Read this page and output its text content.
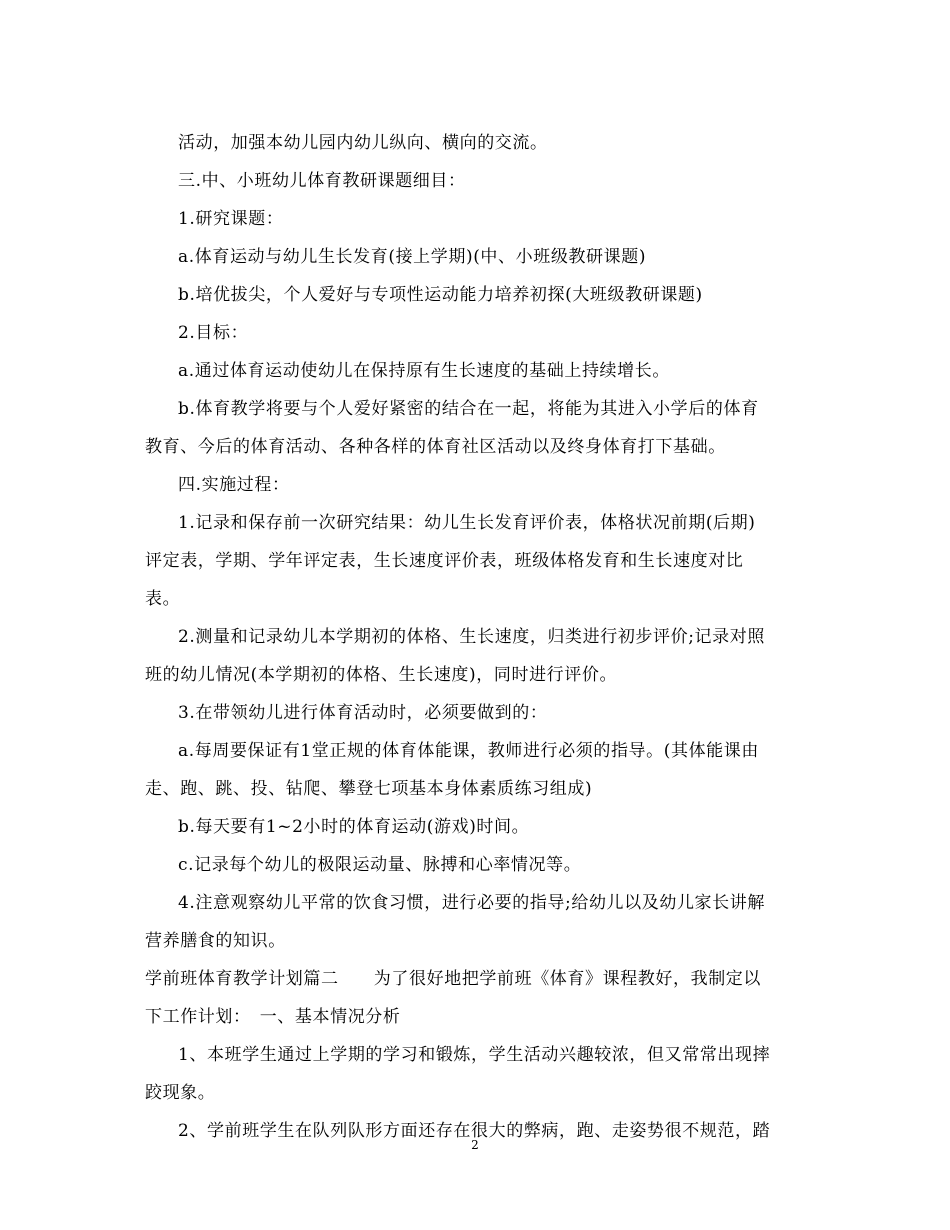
活动，加强本幼儿园内幼儿纵向、横向的交流。
三.中、小班幼儿体育教研课题细目：
1.研究课题：
a.体育运动与幼儿生长发育(接上学期)(中、小班级教研课题)
b.培优拔尖，个人爱好与专项性运动能力培养初探(大班级教研课题)
2.目标：
a.通过体育运动使幼儿在保持原有生长速度的基础上持续增长。
b.体育教学将要与个人爱好紧密的结合在一起，将能为其进入小学后的体育
教育、今后的体育活动、各种各样的体育社区活动以及终身体育打下基础。
四.实施过程：
1.记录和保存前一次研究结果：幼儿生长发育评价表，体格状况前期(后期)
评定表，学期、学年评定表，生长速度评价表，班级体格发育和生长速度对比
表。
2.测量和记录幼儿本学期初的体格、生长速度，归类进行初步评价;记录对照
班的幼儿情况(本学期初的体格、生长速度)，同时进行评价。
3.在带领幼儿进行体育活动时，必须要做到的：
a.每周要保证有1堂正规的体育体能课，教师进行必须的指导。(其体能课由
走、跑、跳、投、钻爬、攀登七项基本身体素质练习组成)
b.每天要有1~2小时的体育运动(游戏)时间。
c.记录每个幼儿的极限运动量、脉搏和心率情况等。
4.注意观察幼儿平常的饮食习惯，进行必要的指导;给幼儿以及幼儿家长讲解
营养膳食的知识。
学前班体育教学计划篇二　　为了很好地把学前班《体育》课程教好，我制定以
下工作计划：　一、基本情况分析
1、本班学生通过上学期的学习和锻炼，学生活动兴趣较浓，但又常常出现摔
跤现象。
2、学前班学生在队列队形方面还存在很大的弊病，跑、走姿势很不规范，踏
2
